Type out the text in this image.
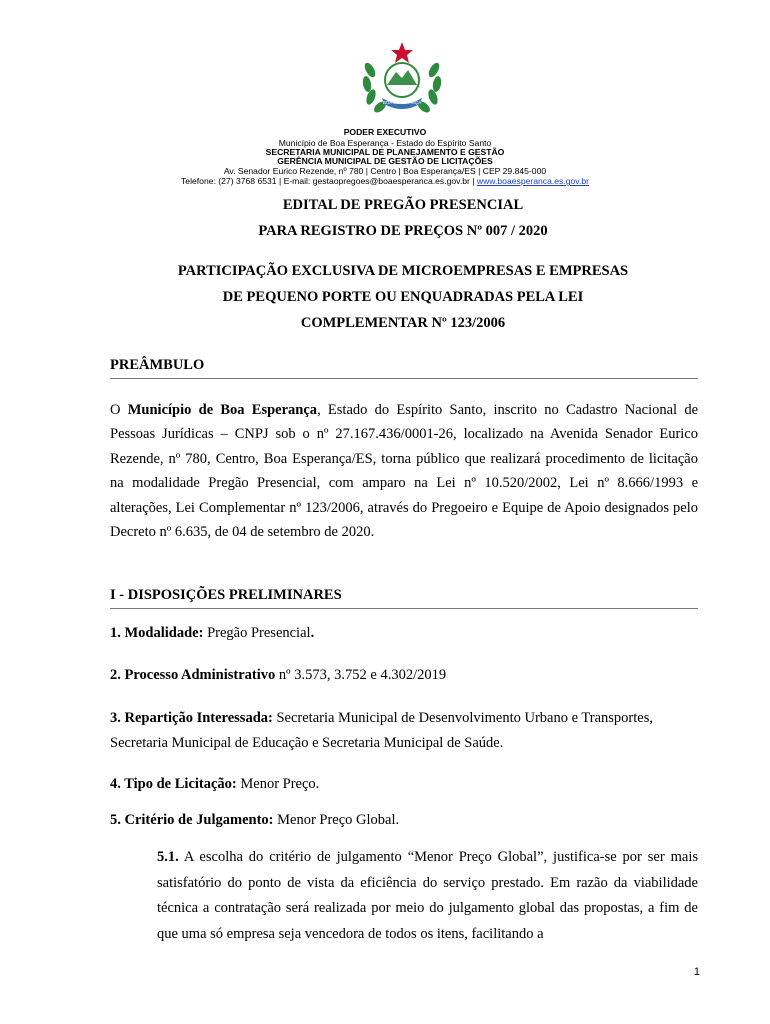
BOA ESPERANÇA
PODER EXECUTIVO
Município de Boa Esperança - Estado do Espírito Santo
SECRETARIA MUNICIPAL DE PLANEJAMENTO E GESTÃO
GERÊNCIA MUNICIPAL DE GESTÃO DE LICITAÇÕES
Av. Senador Eurico Rezende, nº 780 | Centro | Boa Esperança/ES | CEP 29.845-000
Telefone: (27) 3768 6531 | E-mail: gestaopregoes@boaesperanca.es.gov.br | www.boaesperanca.es.gov.br
EDITAL DE PREGÃO PRESENCIAL
PARA REGISTRO DE PREÇOS Nº 007 / 2020
PARTICIPAÇÃO EXCLUSIVA DE MICROEMPRESAS E EMPRESAS
DE PEQUENO PORTE OU ENQUADRADAS PELA LEI
COMPLEMENTAR Nº 123/2006
PREÂMBULO
O Município de Boa Esperança, Estado do Espírito Santo, inscrito no Cadastro Nacional de Pessoas Jurídicas – CNPJ sob o nº 27.167.436/0001-26, localizado na Avenida Senador Eurico Rezende, nº 780, Centro, Boa Esperança/ES, torna público que realizará procedimento de licitação na modalidade Pregão Presencial, com amparo na Lei nº 10.520/2002, Lei nº 8.666/1993 e alterações, Lei Complementar nº 123/2006, através do Pregoeiro e Equipe de Apoio designados pelo Decreto nº 6.635, de 04 de setembro de 2020.
I - DISPOSIÇÕES PRELIMINARES
1. Modalidade: Pregão Presencial.
2. Processo Administrativo nº 3.573, 3.752 e 4.302/2019
3. Repartição Interessada: Secretaria Municipal de Desenvolvimento Urbano e Transportes, Secretaria Municipal de Educação e Secretaria Municipal de Saúde.
4. Tipo de Licitação: Menor Preço.
5. Critério de Julgamento: Menor Preço Global.
5.1. A escolha do critério de julgamento “Menor Preço Global”, justifica-se por ser mais satisfatório do ponto de vista da eficiência do serviço prestado. Em razão da viabilidade técnica a contratação será realizada por meio do julgamento global das propostas, a fim de que uma só empresa seja vencedora de todos os itens, facilitando a
1
